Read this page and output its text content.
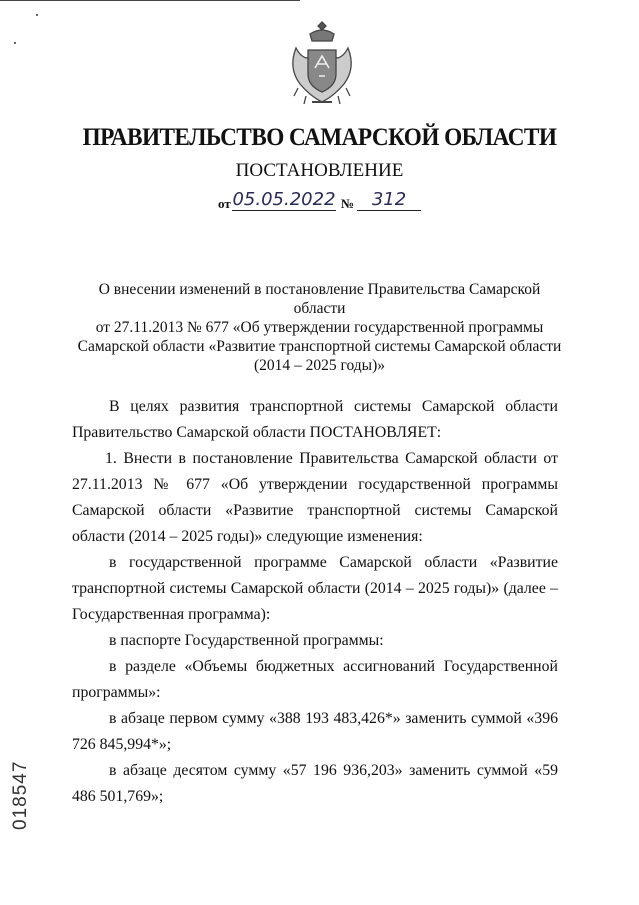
ПРАВИТЕЛЬСТВО САМАРСКОЙ ОБЛАСТИ
ПОСТАНОВЛЕНИЕ
от 05.05.2022 № 312
О внесении изменений в постановление Правительства Самарской области
от 27.11.2013 № 677 «Об утверждении государственной программы
Самарской области «Развитие транспортной системы Самарской области
(2014 – 2025 годы)»

В целях развития транспортной системы Самарской области Правительство Самарской области ПОСТАНОВЛЯЕТ:

1. Внести в постановление Правительства Самарской области от 27.11.2013 № 677 «Об утверждении государственной программы Самарской области «Развитие транспортной системы Самарской области (2014 – 2025 годы)» следующие изменения:

в государственной программе Самарской области «Развитие транспортной системы Самарской области (2014 – 2025 годы)» (далее – Государственная программа):

в паспорте Государственной программы:

в разделе «Объемы бюджетных ассигнований Государственной программы»:

в абзаце первом сумму «388 193 483,426*» заменить суммой «396 726 845,994*»;

в абзаце десятом сумму «57 196 936,203» заменить суммой «59 486 501,769»;

018547
